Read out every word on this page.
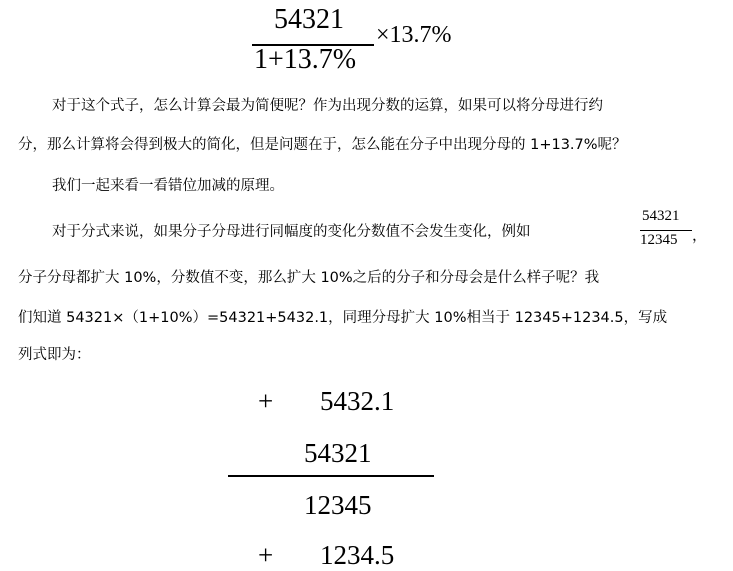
54321
1+13.7%
×13.7%
对于这个式子，怎么计算会最为简便呢？作为出现分数的运算，如果可以将分母进行约
分，那么计算将会得到极大的简化，但是问题在于，怎么能在分子中出现分母的 1+13.7%呢？
我们一起来看一看错位加减的原理。
对于分式来说，如果分子分母进行同幅度的变化分数值不会发生变化，例如
54321
12345 ，
分子分母都扩大 10%，分数值不变，那么扩大 10%之后的分子和分母会是什么样子呢？我
们知道 54321×（1+10%）=54321+5432.1，同理分母扩大 10%相当于 12345+1234.5，写成
列式即为：
+ 5432.1
54321
12345
+ 1234.5
